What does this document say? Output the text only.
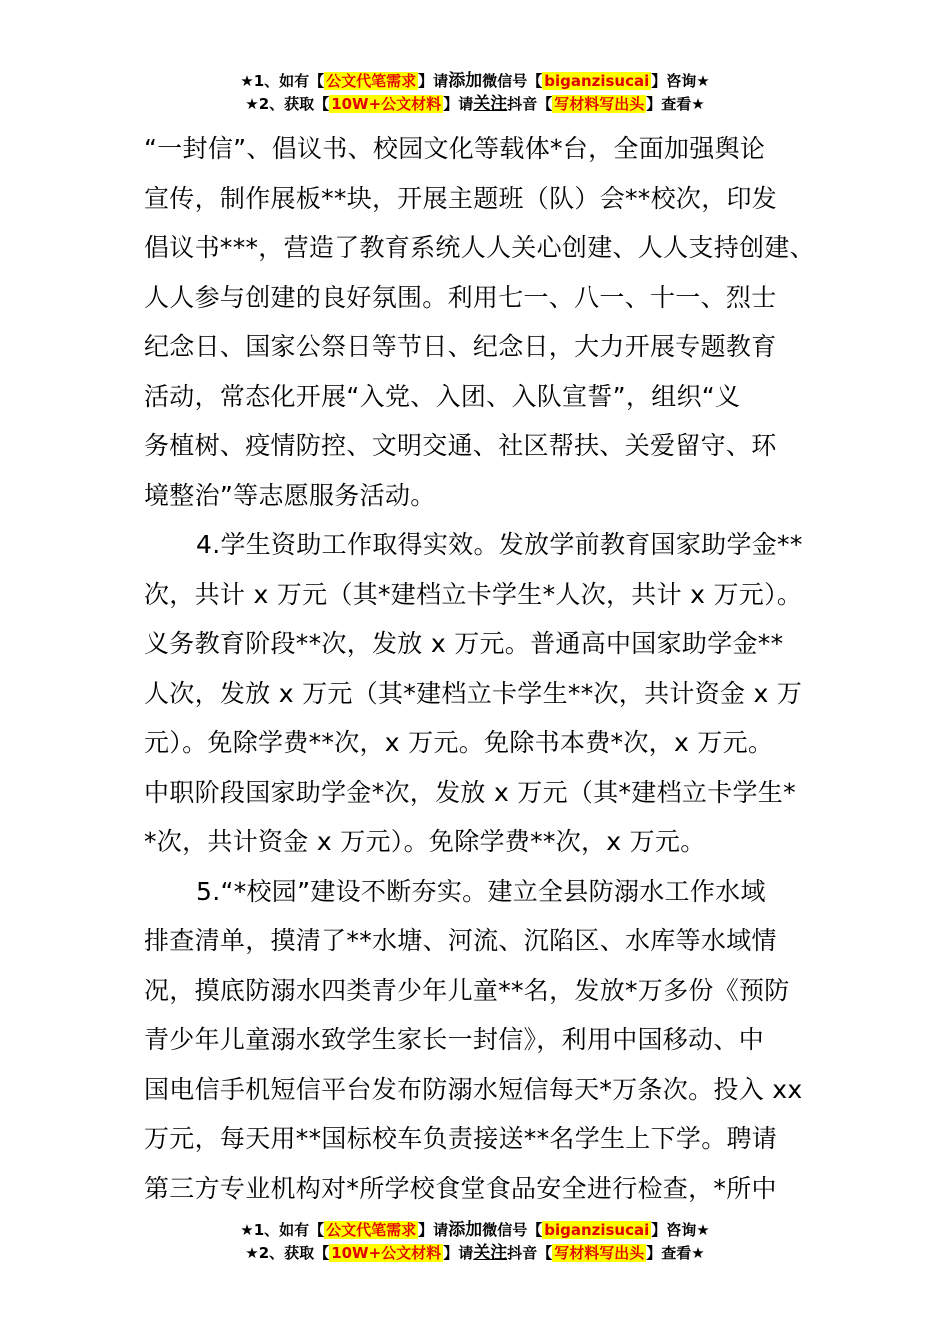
★1、如有【 公文代笔需求 】请添加微信号【 biganzisucai 】咨询★
★2、获取【 10W+公文材料 】请关注抖音【 写材料写出头 】查看★
“一封信”、倡议书、校园文化等载体*台，全面加强舆论
宣传，制作展板**块，开展主题班（队）会**校次，印发
倡议书***，营造了教育系统人人关心创建、人人支持创建、
人人参与创建的良好氛围。利用七一、八一、十一、烈士
纪念日、国家公祭日等节日、纪念日，大力开展专题教育
活动，常态化开展“入党、入团、入队宣誓”，组织“义
务植树、疫情防控、文明交通、社区帮扶、关爱留守、环
境整治”等志愿服务活动。
4.学生资助工作取得实效。发放学前教育国家助学金**
次，共计 x 万元（其*建档立卡学生*人次，共计 x 万元）。
义务教育阶段**次，发放 x 万元。普通高中国家助学金**
人次，发放 x 万元（其*建档立卡学生**次，共计资金 x 万
元）。免除学费**次，x 万元。免除书本费*次，x 万元。
中职阶段国家助学金*次，发放 x 万元（其*建档立卡学生*
*次，共计资金 x 万元）。免除学费**次，x 万元。
5.“*校园”建设不断夯实。建立全县防溺水工作水域
排查清单，摸清了**水塘、河流、沉陷区、水库等水域情
况，摸底防溺水四类青少年儿童**名，发放*万多份《预防
青少年儿童溺水致学生家长一封信》，利用中国移动、中
国电信手机短信平台发布防溺水短信每天*万条次。投入 xx
万元，每天用**国标校车负责接送**名学生上下学。聘请
第三方专业机构对*所学校食堂食品安全进行检查，*所中
★1、如有【 公文代笔需求 】请添加微信号【 biganzisucai 】咨询★
★2、获取【 10W+公文材料 】请关注抖音【 写材料写出头 】查看★
